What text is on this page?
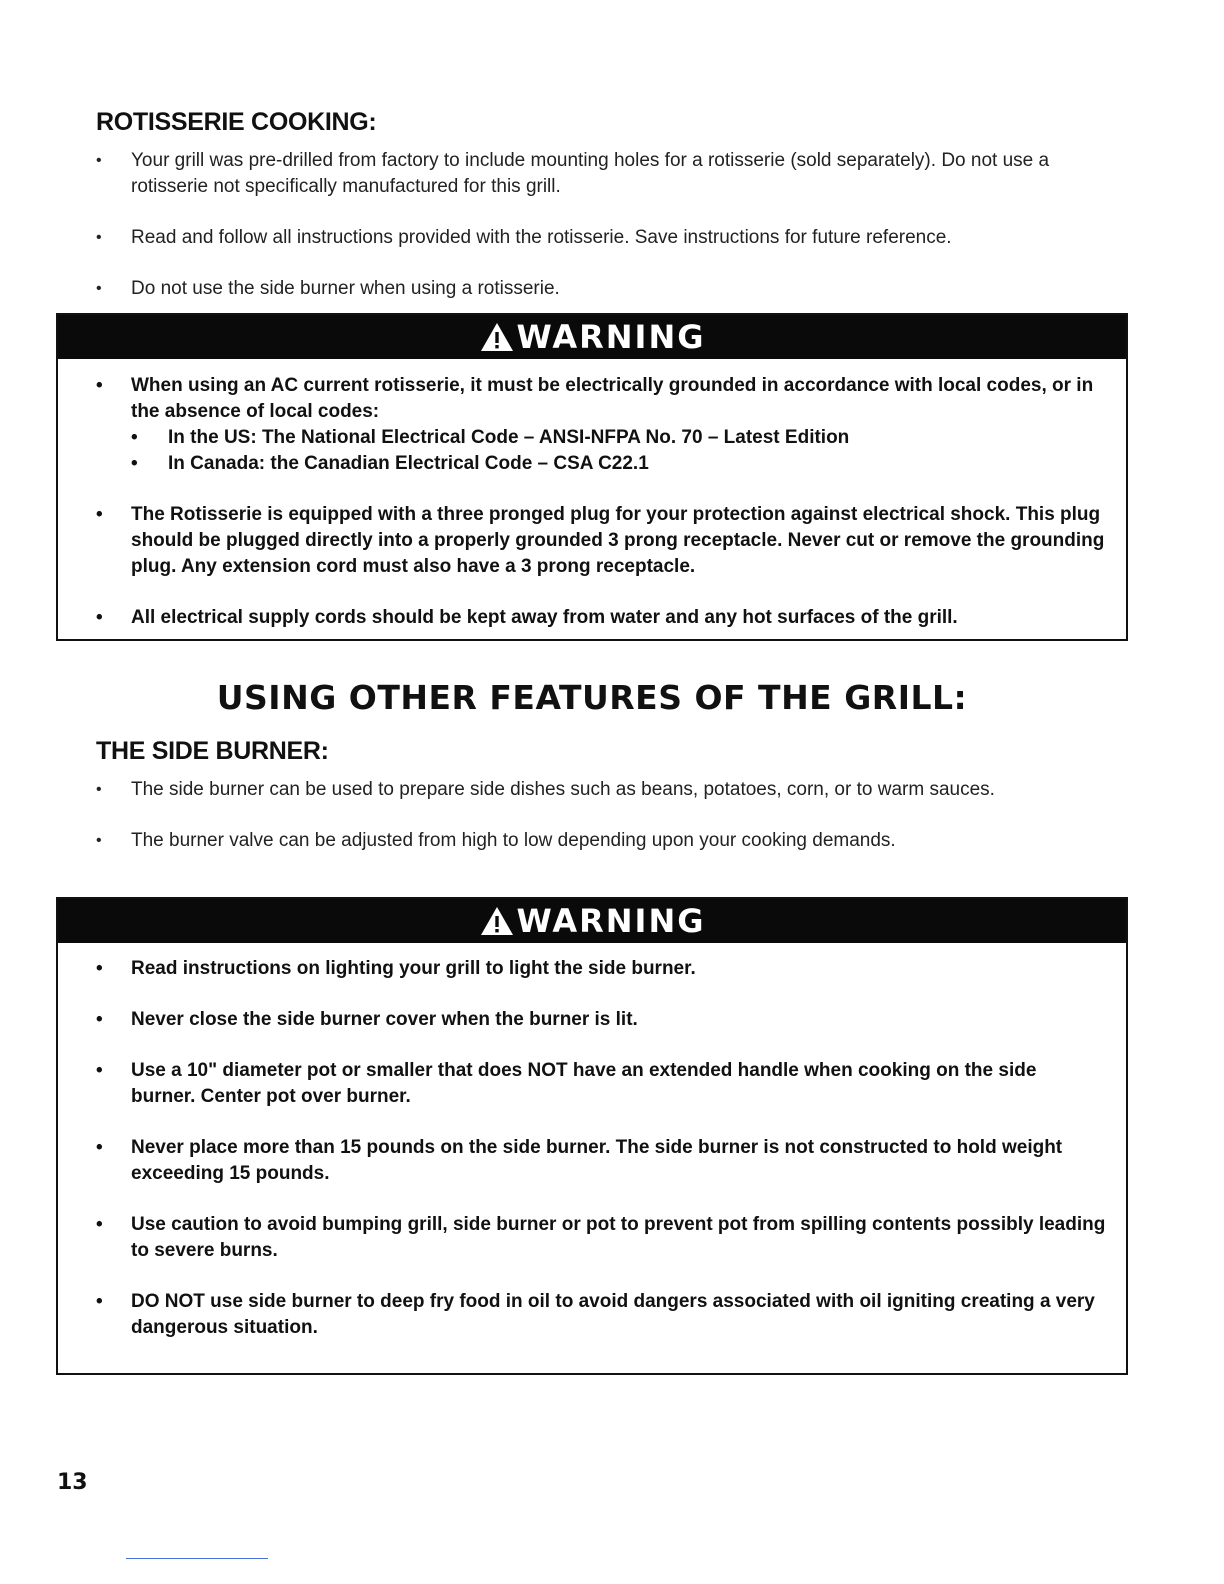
ROTISSERIE COOKING:
• Your grill was pre-drilled from factory to include mounting holes for a rotisserie (sold separately). Do not use a rotisserie not specifically manufactured for this grill.
• Read and follow all instructions provided with the rotisserie. Save instructions for future reference.
• Do not use the side burner when using a rotisserie.
WARNING
• When using an AC current rotisserie, it must be electrically grounded in accordance with local codes, or in the absence of local codes:
• In the US: The National Electrical Code – ANSI-NFPA No. 70 – Latest Edition
• In Canada: the Canadian Electrical Code – CSA C22.1
• The Rotisserie is equipped with a three pronged plug for your protection against electrical shock. This plug should be plugged directly into a properly grounded 3 prong receptacle. Never cut or remove the grounding plug. Any extension cord must also have a 3 prong receptacle.
• All electrical supply cords should be kept away from water and any hot surfaces of the grill.
USING OTHER FEATURES OF THE GRILL:
THE SIDE BURNER:
• The side burner can be used to prepare side dishes such as beans, potatoes, corn, or to warm sauces.
• The burner valve can be adjusted from high to low depending upon your cooking demands.
WARNING
• Read instructions on lighting your grill to light the side burner.
• Never close the side burner cover when the burner is lit.
• Use a 10" diameter pot or smaller that does NOT have an extended handle when cooking on the side burner. Center pot over burner.
• Never place more than 15 pounds on the side burner. The side burner is not constructed to hold weight exceeding 15 pounds.
• Use caution to avoid bumping grill, side burner or pot to prevent pot from spilling contents possibly leading to severe burns.
• DO NOT use side burner to deep fry food in oil to avoid dangers associated with oil igniting creating a very dangerous situation.
13
